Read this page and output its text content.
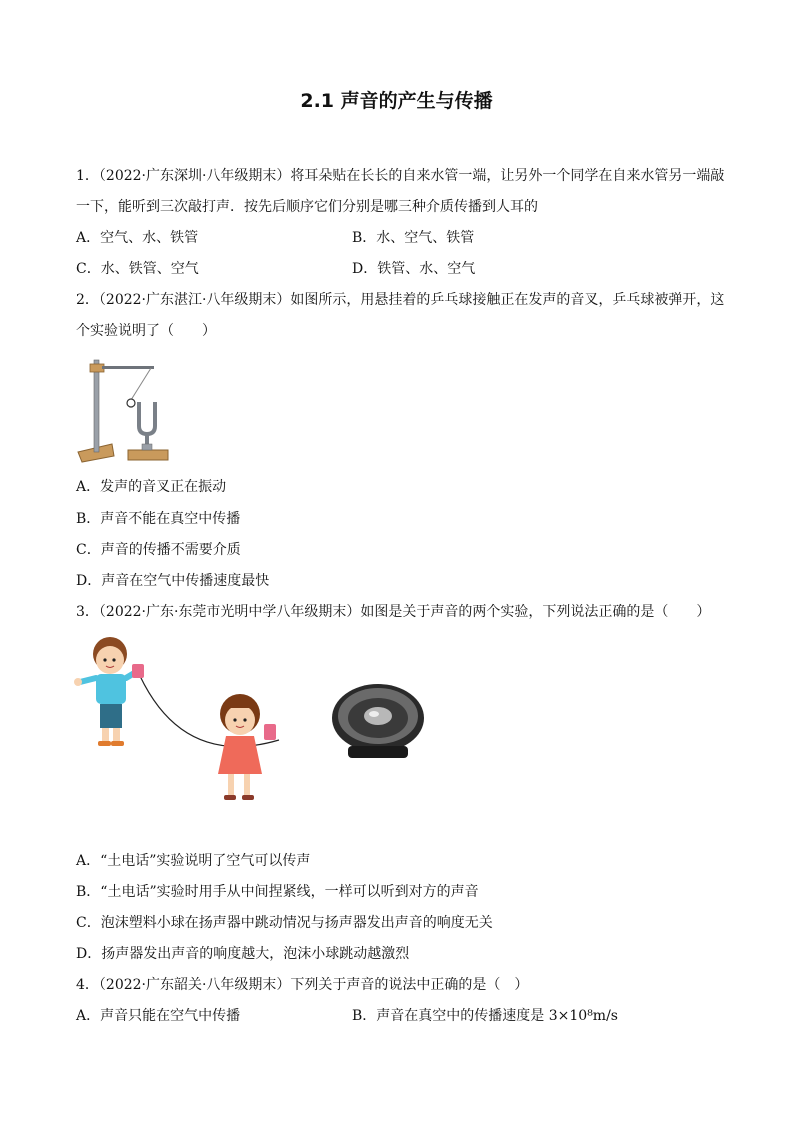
2.1 声音的产生与传播
1．（2022·广东深圳·八年级期末）将耳朵贴在长长的自来水管一端，让另外一个同学在自来水管另一端敲
一下，能听到三次敲打声．按先后顺序它们分别是哪三种介质传播到人耳的
A．空气、水、铁管	B．水、空气、铁管
C．水、铁管、空气	D．铁管、水、空气
2．（2022·广东湛江·八年级期末）如图所示，用悬挂着的乒乓球接触正在发声的音叉，乒乓球被弹开，这
个实验说明了（　　）
A．发声的音叉正在振动
B．声音不能在真空中传播
C．声音的传播不需要介质
D．声音在空气中传播速度最快
3．（2022·广东·东莞市光明中学八年级期末）如图是关于声音的两个实验，下列说法正确的是（　　）
A．“土电话”实验说明了空气可以传声
B．“土电话”实验时用手从中间捏紧线，一样可以听到对方的声音
C．泡沫塑料小球在扬声器中跳动情况与扬声器发出声音的响度无关
D．扬声器发出声音的响度越大，泡沫小球跳动越激烈
4．（2022·广东韶关·八年级期末）下列关于声音的说法中正确的是（　）
A．声音只能在空气中传播	B．声音在真空中的传播速度是 3×10⁸m/s
